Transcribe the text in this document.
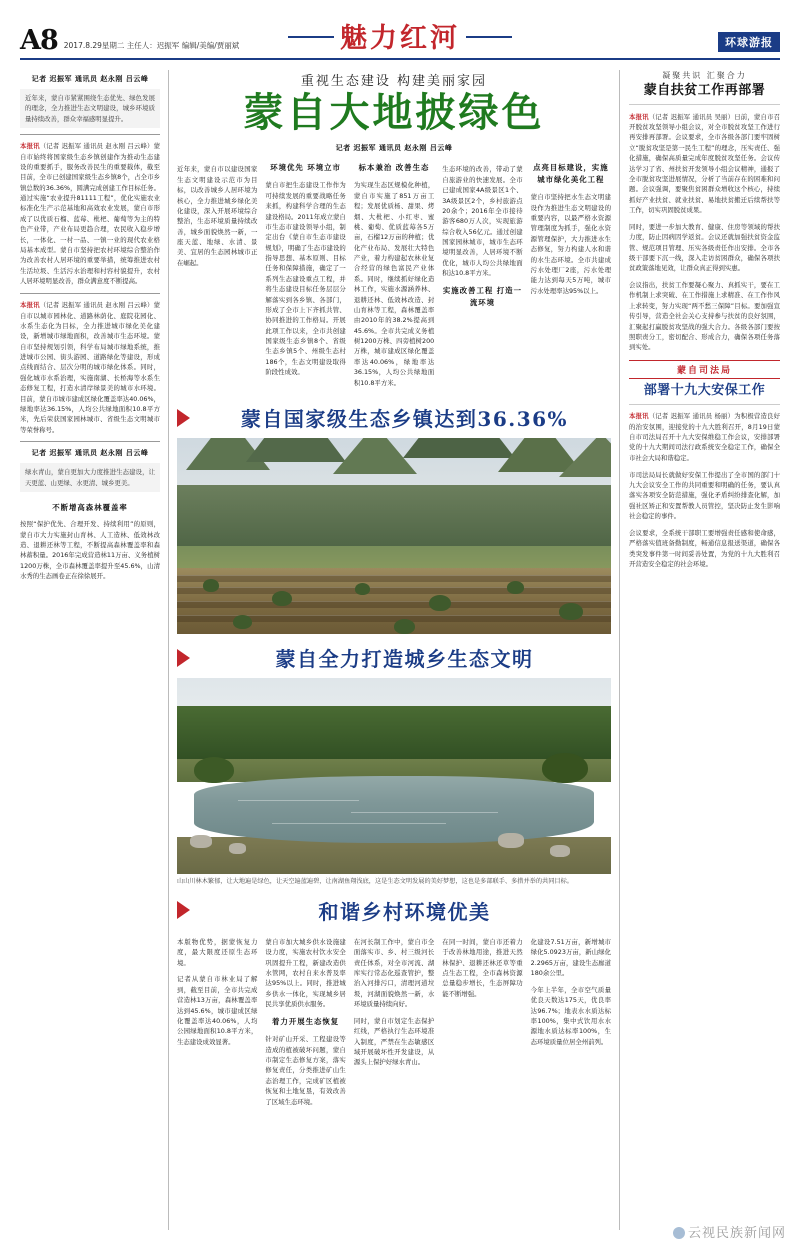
A8 2017.8.29星期二 主任人：迟振军 编辑/美编/贾丽斌	魅力红河	环球游报
记者 迟振军 通讯员 赵永刚 吕云峰
近年来，蒙自市紧紧围绕生态优先、绿色发展的理念，全力推进生态文明建设，城乡环境质量持续改善，群众幸福感明显提升。

本报讯（记者 迟振军 通讯员 赵永刚 吕云峰）蒙自市始终将国家级生态乡镇创建作为推动生态建设的重要抓手，服务改善民生的重要载体，截至目前，全市已创建国家级生态乡镇8个，占全市乡镇总数的36.36%，圆满完成创建工作目标任务。通过实施“农业提升81111工程”，优化实施农业标准化生产示范基地和高效农业发展，蒙自市形成了以优质石榴、蓝莓、枇杷、葡萄等为主的特色产业带，产业布局更趋合理，农民收入稳步增长，一体化、一村一品、一镇一业的现代农业格局基本成型。蒙自市坚持把农村环境综合整治作为改善农村人居环境的重要举措，统筹推进农村生活垃圾、生活污水治理和村容村貌提升，农村人居环境明显改善，群众满意度不断提高。

本报讯（记者 迟振军 通讯员 赵永刚 吕云峰）蒙自市以城市园林化、道路林荫化、庭院花园化、水系生态化为目标，全力推进城市绿化美化建设，新增城市绿地面积，改善城市生态环境。蒙自市坚持规划引领，科学布局城市绿地系统，推进城市公园、街头游园、道路绿化等建设，形成点线面结合、层次分明的城市绿化体系。同时，强化城市水系治理，实施南湖、长桥海等水系生态修复工程，打造水清岸绿景美的城市水环境。目前，蒙自市城市建成区绿化覆盖率达40.06%，绿地率达36.15%，人均公共绿地面积10.8平方米，先后荣获国家园林城市、省级生态文明城市等荣誉称号。

记者 迟振军 通讯员 赵永刚 吕云峰
绿水青山，蒙自更加大力度推进生态建设，让天更蓝、山更绿、水更清、城乡更美。
不断增高森林覆盖率

按照“保护优先、合理开发、持续利用”的原则，蒙自市大力实施封山育林、人工造林、低效林改造、退耕还林等工程，不断提高森林覆盖率和森林蓄积量。2016年完成营造林11万亩、义务植树1200万株，全市森林覆盖率提升至45.6%，山清水秀的生态画卷正在徐徐展开。

重视生态建设 构建美丽家园
蒙自大地披绿色
记者 迟振军 通讯员 赵永刚 吕云峰

近年来，蒙自市以建设国家生态文明建设示范市为目标，以改善城乡人居环境为核心，全力推进城乡绿化美化建设，深入开展环境综合整治，生态环境质量持续改善，城乡面貌焕然一新，一座天蓝、地绿、水清、景美、宜居的生态园林城市正在崛起。

环境优先 环境立市

蒙自市把生态建设工作作为可持续发展的重要战略任务来抓，构建科学合理的生态建设格局。2011年成立蒙自市生态市建设领导小组，制定出台《蒙自市生态市建设规划》，明确了生态市建设的指导思想、基本原则、目标任务和保障措施，确定了一系列生态建设重点工程，并将生态建设目标任务层层分解落实到各乡镇、各部门，形成了全市上下齐抓共管、协同推进的工作格局。开展此项工作以来，全市共创建国家级生态乡镇8个、省级生态乡镇5个、州级生态村186个，生态文明建设取得阶段性成效。

标本兼治 改善生态

为实现生态区规模化种植，蒙自市实施了851万亩工程；发展优质杨、甜果、烤烟、大枇杷、小红枣、蜜桃、葡萄、优质蓝莓各5万亩，石榴12万亩的种植；优化产业布局、发展壮大特色产业，着力构建起农林业复合经营的绿色富民产业体系。同时，继续抓好绿化造林工作，实施水源涵养林、退耕还林、低效林改造、封山育林等工程，森林覆盖率由2010年的38.2%提高到45.6%。全市共完成义务植树1200万株、四旁植树200万株，城市建成区绿化覆盖率达40.06%，绿地率达36.15%，人均公共绿地面积10.8平方米。

生态环境的改善，带动了蒙自旅游业的快速发展。全市已建成国家4A级景区1个、3A级景区2个，乡村旅游点20余个；2016年全市接待游客680万人次，实现旅游综合收入56亿元。通过创建国家园林城市，城市生态环境明显改善，人居环境不断优化，城市人均公共绿地面积达10.8平方米。

实施改善工程 打造一流环境
点亮目标建设，实施城市绿化美化工程

蒙自市坚持把水生态文明建设作为推进生态文明建设的重要内容，以最严格水资源管理制度为抓手，强化水资源管理保护，大力推进水生态修复，努力构建人水和谐的水生态环境。全市共建成污水处理厂2座，污水处理能力达到每天5万吨，城市污水处理率达95%以上。

蒙自国家级生态乡镇达到36.36%
蒙自全力打造城乡生态文明

山山川林木繁郁，让大地遍是绿色，让天空遍蓝遍碧，让南湖鱼翔浅底，这是生态文明发展的美好梦想，这也是多部联手、多措并举的共同目标。

和谐乡村环境优美

本版物优势，据蒙恢复力度，最大限度还原生态环境。

记者从蒙自市林业局了解到，截至目前，全市共完成营造林13万亩，森林覆盖率达到45.6%，城市建成区绿化覆盖率达40.06%，人均公园绿地面积10.8平方米，生态建设成效显著。

蒙自市加大城乡供水设施建设力度，实施农村饮水安全巩固提升工程，新建改造供水管网，农村自来水普及率达95%以上。同时，推进城乡供水一体化，实现城乡居民共享优质供水服务。

着力开展生态恢复

针对矿山开采、工程建设等造成的植被破坏问题，蒙自市制定生态修复方案，落实修复责任，分类推进矿山生态治理工作，完成矿区植被恢复和土地复垦，有效改善了区域生态环境。

在河长制工作中，蒙自市全面落实市、乡、村三级河长责任体系，对全市河流、湖库实行常态化巡查管护，整治入河排污口，清理河道垃圾，河湖面貌焕然一新，水环境质量持续向好。

同时，蒙自市划定生态保护红线，严格执行生态环境准入制度，严禁在生态敏感区域开展破坏性开发建设，从源头上保护好绿水青山。

在同一时间，蒙自市还着力于改善林地用途，推进天然林保护、退耕还林还草等重点生态工程，全市森林资源总量稳步增长，生态屏障功能不断增强。

化建设7.51万亩，新增城市绿化5.0923万亩，新山绿化2.2965万亩，建设生态廊道180余公里。

今年上半年，全市空气质量优良天数达175天，优良率达96.7%；地表水水质达标率100%，集中式饮用水水源地水质达标率100%，生态环境质量位居全州前列。

凝聚共识 汇聚合力
蒙自扶贫工作再部署

本报讯（记者 迟振军 通讯员 吴丽）日前，蒙自市召开脱贫攻坚领导小组会议，对全市脱贫攻坚工作进行再安排再部署。会议要求，全市各级各部门要牢固树立“脱贫攻坚是第一民生工程”的理念，压实责任、强化措施，确保高质量完成年度脱贫攻坚任务。会议传达学习了省、州扶贫开发领导小组会议精神，通报了全市脱贫攻坚进展情况，分析了当前存在的困难和问题。会议强调，要聚焦贫困群众增收这个核心，持续抓好产业扶贫、就业扶贫、易地扶贫搬迁后续帮扶等工作，切实巩固脱贫成果。

同时，要进一步加大教育、健康、住房等领域的帮扶力度，防止因病因学返贫。会议还就加强扶贫资金监管、规范项目管理、压实各级责任作出安排。全市各级干部要下沉一线，深入走访贫困群众，确保各项扶贫政策落地见效，让群众真正得到实惠。

会议指出，扶贫工作要凝心聚力、真抓实干，要在工作机制上求突破、在工作措施上求精准、在工作作风上求转变，努力实现“两不愁三保障”目标。要加强宣传引导，营造全社会关心支持参与扶贫的良好氛围，汇聚起打赢脱贫攻坚战的强大合力。各级各部门要按照职责分工，密切配合、形成合力，确保各项任务落到实处。

蒙自司法局
部署十九大安保工作

本报讯（记者 迟振军 通讯员 杨丽）为积极营造良好的治安氛围，迎接党的十九大胜利召开，8月19日蒙自市司法局召开十九大安保维稳工作会议，安排部署党的十九大期间司法行政系统安全稳定工作，确保全市社会大局和谐稳定。

市司法局局长就做好安保工作提出了全市国的部门十九大会议安全工作的共同重要和明确的任务，要认真落实各项安全防范措施，强化矛盾纠纷排查化解，加强社区矫正和安置帮教人员管控，坚决防止发生影响社会稳定的事件。

会议要求，全系统干部职工要增强责任感和使命感，严格落实值班备勤制度，畅通信息报送渠道，确保各类突发事件第一时间妥善处置，为党的十九大胜利召开营造安全稳定的社会环境。

云视民族新闻网
